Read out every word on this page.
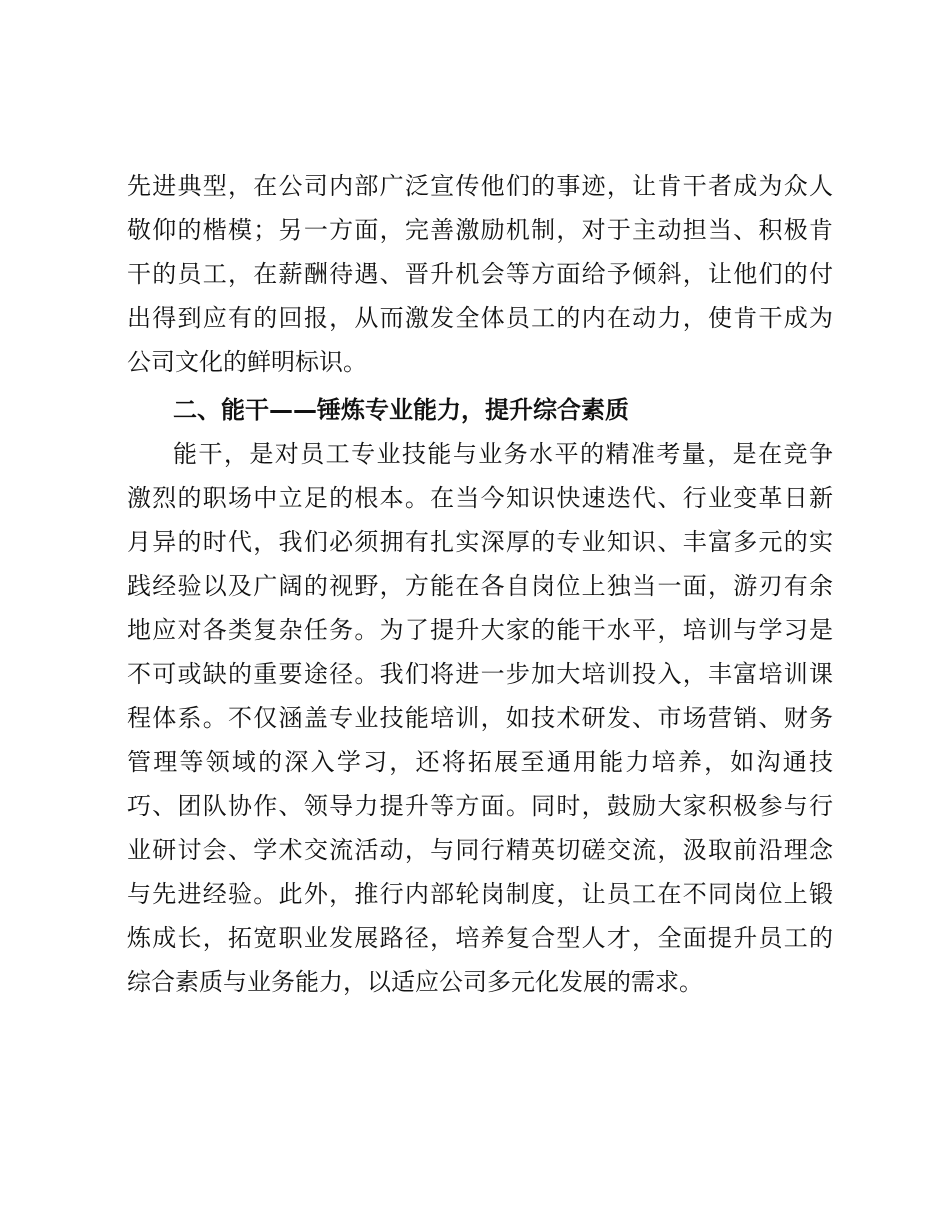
先进典型，在公司内部广泛宣传他们的事迹，让肯干者成为众人
敬仰的楷模；另一方面，完善激励机制，对于主动担当、积极肯
干的员工，在薪酬待遇、晋升机会等方面给予倾斜，让他们的付
出得到应有的回报，从而激发全体员工的内在动力，使肯干成为
公司文化的鲜明标识。
二、能干——锤炼专业能力，提升综合素质
能干，是对员工专业技能与业务水平的精准考量，是在竞争
激烈的职场中立足的根本。在当今知识快速迭代、行业变革日新
月异的时代，我们必须拥有扎实深厚的专业知识、丰富多元的实
践经验以及广阔的视野，方能在各自岗位上独当一面，游刃有余
地应对各类复杂任务。为了提升大家的能干水平，培训与学习是
不可或缺的重要途径。我们将进一步加大培训投入，丰富培训课
程体系。不仅涵盖专业技能培训，如技术研发、市场营销、财务
管理等领域的深入学习，还将拓展至通用能力培养，如沟通技
巧、团队协作、领导力提升等方面。同时，鼓励大家积极参与行
业研讨会、学术交流活动，与同行精英切磋交流，汲取前沿理念
与先进经验。此外，推行内部轮岗制度，让员工在不同岗位上锻
炼成长，拓宽职业发展路径，培养复合型人才，全面提升员工的
综合素质与业务能力，以适应公司多元化发展的需求。
